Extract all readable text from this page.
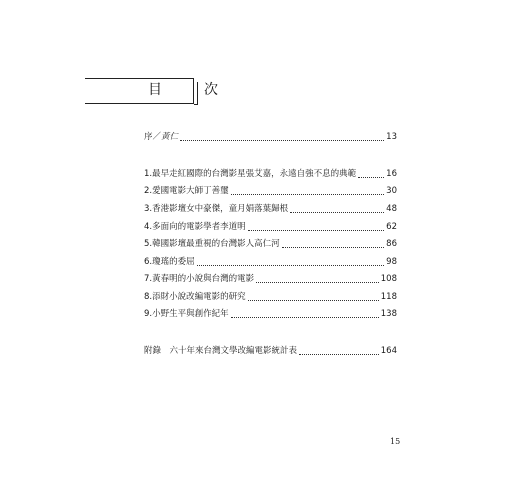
目　次
序／黃仁	13
1.最早走紅國際的台灣影星張艾嘉，永遠自強不息的典範	16
2.愛國電影大師丁善璽	30
3.香港影壇女中豪傑，童月娟落葉歸根	48
4.多面向的電影學者李道明	62
5.韓國影壇最重視的台灣影人高仁河	86
6.瓊瑤的委屈	98
7.黃春明的小說與台灣的電影	108
8.添財小說改編電影的研究	118
9.小野生平與創作紀年	138
附錄　六十年來台灣文學改編電影統計表	164
15
